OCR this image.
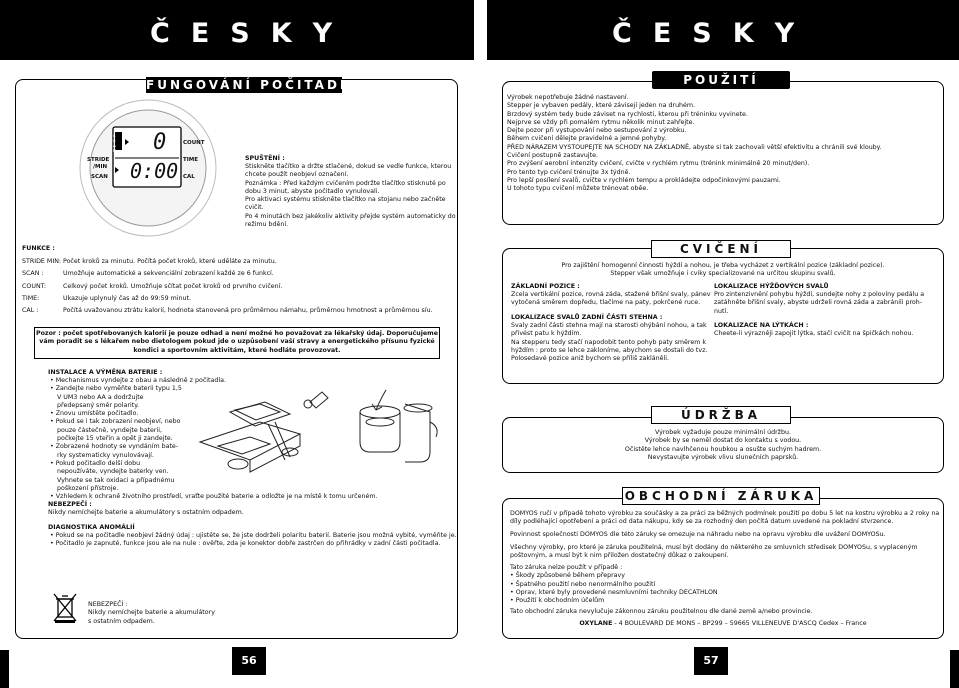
ČESKY	ČESKY
FUNGOVÁNÍ POČITADLA
S C A N 0
0:00
STRIDE
/MIN
SCAN
COUNT
TIME
CAL
SPUŠTĚNÍ :
Stiskněte tlačítko a držte stlačené, dokud se vedle funkce, kterou
chcete použít neobjeví označení.
Poznámka : Před každým cvičením podržte tlačítko stisknuté po
dobu 3 minut, abyste počitadlo vynulovali.
Pro aktivaci systému stiskněte tlačítko na stojanu nebo začněte
cvičit.
Po 4 minutách bez jakékoliv aktivity přejde systém automaticky do
režimu bdění.
FUNKCE :
STRIDE MIN: Počet kroků za minutu. Počítá počet kroků, které uděláte za minutu.
SCAN :	Umožňuje automatické a sekvenciální zobrazení každé ze 6 funkcí.
COUNT:	Celkový počet kroků. Umožňuje sčítat počet kroků od prvního cvičení.
TIME:	Ukazuje uplynulý čas až do 99:59 minut.
CAL :	Počítá uvažovanou ztrátu kalorií, hodnota stanovená pro průměrnou námahu, průměrnou hmotnost a průměrnou síu.
Pozor : počet spotřebovaných kalorií je pouze odhad a není možné ho považovat za lékařský údaj. Doporučujeme
vám poradit se s lékařem nebo dietologem pokud jde o uzpůsobení vaší stravy a energetického přísunu fyzické
kondici a sportovním aktivitám, které hodláte provozovat.
INSTALACE A VÝMĚNA BATERIE :
• Mechanismus vyndejte z obau a následně z počitadla.
• Zandejte nebo vyměňte baterii typu 1,5
V UM3 nebo AA a dodržujte
předepsaný směr polarity.
• Znovu umístěte počitadlo.
• Pokud se i tak zobrazení neobjeví, nebo
pouze částečně, vyndejte baterii,
počkejte 15 vteřin a opět ji zandejte.
• Zobrazené hodnoty se vyndáním bate-
rky systematicky vynulovávají.
• Pokud počitadlo delší dobu
nepoužíváte, vyndejte baterky ven.
Vyhnete se tak oxidaci a případnému
poškození přístroje.
• Vzhledem k ochraně životního prostředí, vraťte použité baterie a odložte je na místě k tomu určeném.
NEBEZPEČÍ :
Nikdy nemíchejte baterie a akumulátory s ostatním odpadem.
DIAGNOSTIKA ANOMÁLIÍ
• Pokud se na počitadle neobjeví žádný údaj : ujistěte se, že jste dodrželi polaritu baterií. Baterie jsou možná vybité, vyměňte je.
• Počitadlo je zapnuté, funkce jsou ale na nule : ověřte, zda je konektor dobře zastrčen do přihrádky v zadní části počitadla.
NEBEZPEČÍ :
Nikdy nemíchejte baterie a akumulátory
s ostatním odpadem.
POUŽITÍ
Výrobek nepotřebuje žádné nastavení.
Stepper je vybaven pedály, které závisejí jeden na druhém.
Brzdový systém tedy bude záviset na rychlosti, kterou při tréninku vyvinete.
Nejprve se vždy při pomalém rytmu několik minut zahřejte.
Dejte pozor při vystupování nebo sestupování z výrobku.
Během cvičení dělejte pravidelné a jemné pohyby.
PŘED NÁRAZEM VYSTOUPEJTE NA SCHODY NA ZÁKLADNĚ, abyste si tak zachovali větší efektivitu a chránili své klouby.
Cvičení postupně zastavujte.
Pro zvýšení aerobní intenzity cvičení, cvičte v rychlém rytmu (trénink minimálně 20 minut/den).
Pro tento typ cvičení trénujte 3x týdně.
Pro lepší posílení svalů, cvičte v rychlém tempu a prokládejte odpočinkovými pauzami.
U tohoto typu cvičení můžete trénovat oběe.
CVIČENÍ
Pro zajištění homogenní činnosti hýždí a nohou, je třeba vycházet z vertikální pozice (základní pozice).
Stepper však umožňuje i cviky specializované na určitou skupinu svalů.
ZÁKLADNÍ POZICE :
Zcela vertikální pozice, rovná záda, stažené břišní svaly, pánev
vytočená směrem dopředu, tlačíme na paty, pokrčené ruce.
LOKALIZACE SVALŮ ZADNÍ ČÁSTI STEHNA :
Svaly zadní části stehna mají na starosti ohýbání nohou, a tak
přivést patu k hýždím.
Na stepperu tedy stačí napodobit tento pohyb paty směrem k
hýždím : proto se lehce zakloníme, abychom se dostali do tvz.
Polosedavé pozice aniž bychom se příliš zakláněli.
LOKALIZACE HÝŽĎOVÝCH SVALŮ
Pro zintenzivnění pohybu hýždí, sundejte nohy z polovíny pedálu a
zatáhněte břišní svaly, abyste udrželi rovná záda a zabránili proh-
nutí.
LOKALIZACE NA LÝTKÁCH :
Cheete-li výrazněji zapojit lýtka, stačí cvičit na špičkách nohou.
ÚDRŽBA
Výrobek vyžaduje pouze minimální údržbu.
Výrobek by se neměl dostat do kontaktu s vodou.
Očistěte lehce navlhčenou houbkou a osušte suchým hadrem.
Nevystavujte výrobek vlivu slunečních paprsků.
OBCHODNÍ ZÁRUKA
DOMYOS ručí v případě tohoto výrobku za součásky a za práci za běžných podmínek použití po dobu 5 let na kostru výrobku a 2 roky na
díly podléhající opotřebení a práci od data nákupu, kdy se za rozhodný den počítá datum uvedené na pokladní stvrzence.
Povinnost společnosti DOMYOS dle této záruky se omezuje na náhradu nebo na opravu výrobku dle uvážení DOMYOSu.
Všechny výrobky, pro které je záruka použitelná, musí být dodány do některého ze smluvních středisek DOMYOSu, s vyplaceným
poštovným, a musí být k nim přiložen dostatečný důkaz o zakoupení.
Tato záruka nelze použít v případě :
• Škody způsobené během přepravy
• Špatného použití nebo nenormálního použití
• Oprav, které byly provedené nesmluvními techniky DECATHLON
• Použití k obchodním účelům
Tato obchodní záruka nevylučuje zákonnou záruku použitelnou dle dané země a/nebo provincie.
OXYLANE - 4 BOULEVARD DE MONS – BP299 – 59665 VILLENEUVE D'ASCQ Cedex – France
56	57
